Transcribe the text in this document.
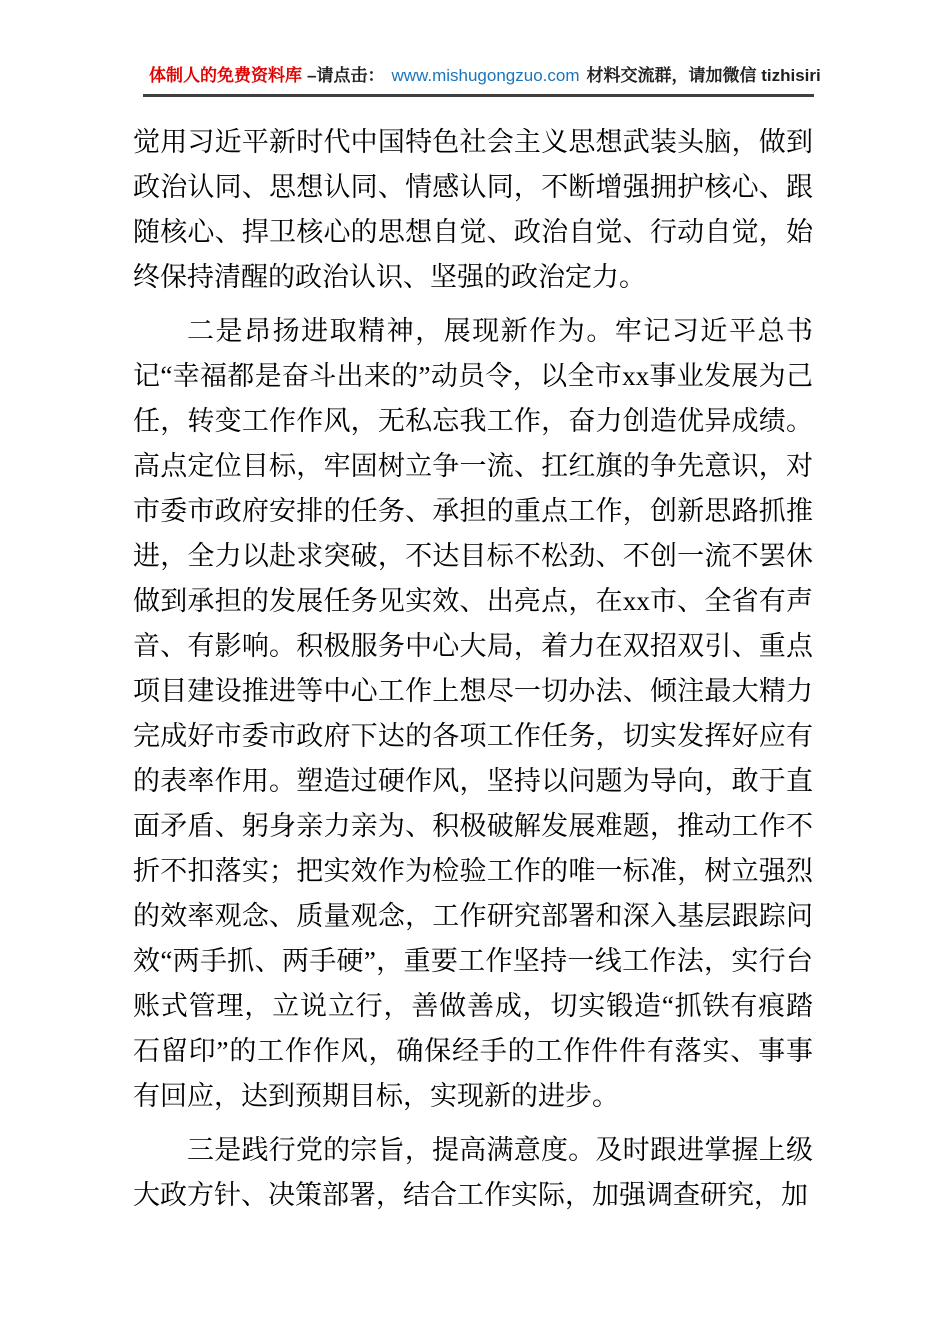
体制人的免费资料库 –请点击： www.mishugongzuo.com 材料交流群，请加微信 tizhisiri

觉用习近平新时代中国特色社会主义思想武装头脑，做到政治认同、思想认同、情感认同，不断增强拥护核心、跟随核心、捍卫核心的思想自觉、政治自觉、行动自觉，始终保持清醒的政治认识、坚强的政治定力。

二是昂扬进取精神，展现新作为。牢记习近平总书记“幸福都是奋斗出来的”动员令，以全市xx事业发展为己任，转变工作作风，无私忘我工作，奋力创造优异成绩。高点定位目标，牢固树立争一流、扛红旗的争先意识，对市委市政府安排的任务、承担的重点工作，创新思路抓推进，全力以赴求突破，不达目标不松劲、不创一流不罢休做到承担的发展任务见实效、出亮点，在xx市、全省有声音、有影响。积极服务中心大局，着力在双招双引、重点项目建设推进等中心工作上想尽一切办法、倾注最大精力完成好市委市政府下达的各项工作任务，切实发挥好应有的表率作用。塑造过硬作风，坚持以问题为导向，敢于直面矛盾、躬身亲力亲为、积极破解发展难题，推动工作不折不扣落实；把实效作为检验工作的唯一标准，树立强烈的效率观念、质量观念，工作研究部署和深入基层跟踪问效“两手抓、两手硬”，重要工作坚持一线工作法，实行台账式管理，立说立行，善做善成，切实锻造“抓铁有痕踏石留印”的工作作风，确保经手的工作件件有落实、事事有回应，达到预期目标，实现新的进步。

三是践行党的宗旨，提高满意度。及时跟进掌握上级大政方针、决策部署，结合工作实际，加强调查研究，加
